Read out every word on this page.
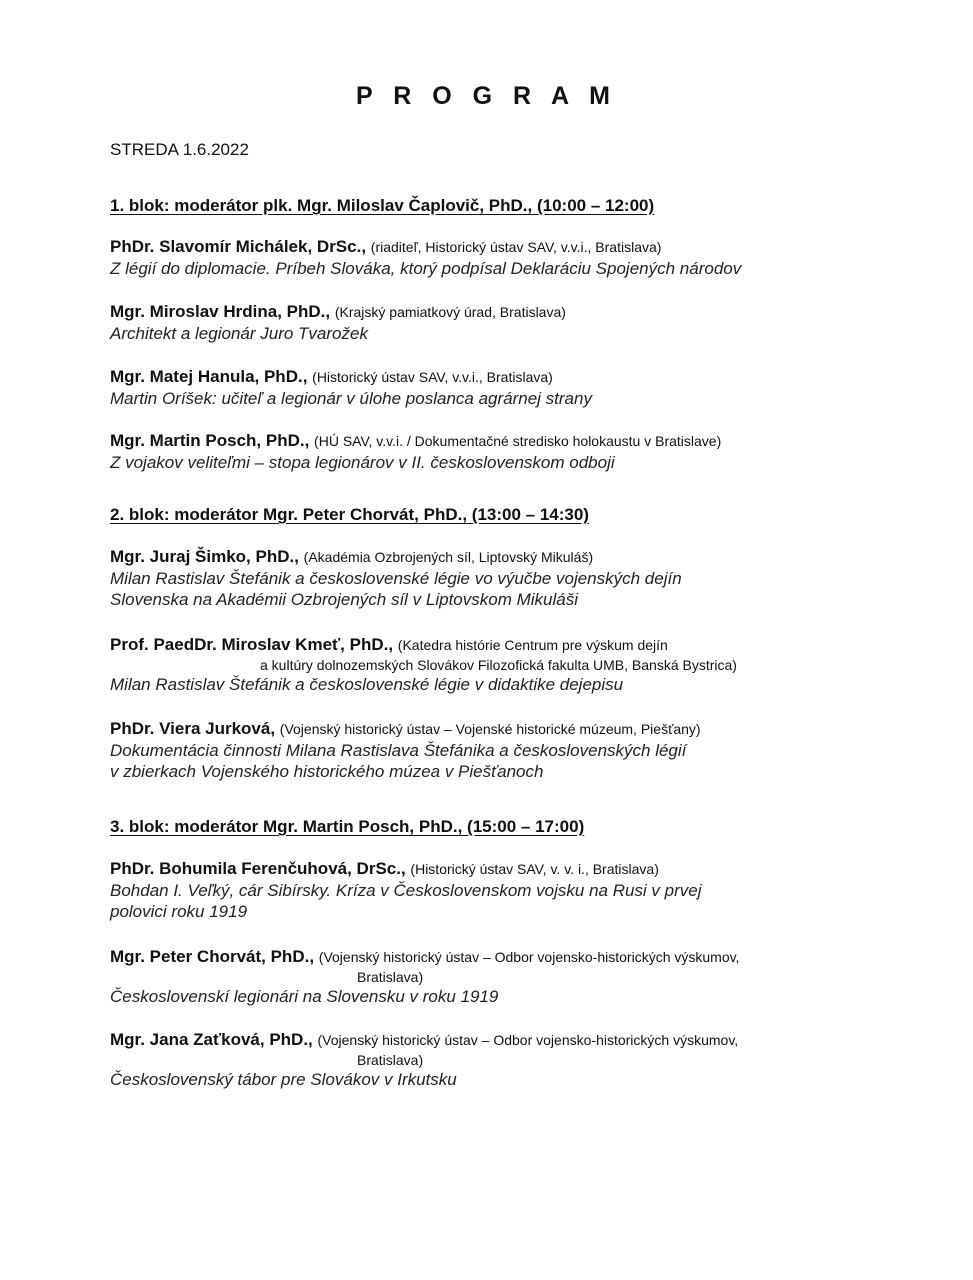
P R O G R A M
STREDA 1.6.2022
1. blok: moderátor plk. Mgr. Miloslav Čaplovič, PhD., (10:00 – 12:00)
PhDr. Slavomír Michálek, DrSc., (riaditeľ, Historický ústav SAV, v.v.i., Bratislava)
Z légií do diplomacie. Príbeh Slováka, ktorý podpísal Deklaráciu Spojených národov
Mgr. Miroslav Hrdina, PhD., (Krajský pamiatkový úrad, Bratislava)
Architekt a legionár Juro Tvarožek
Mgr. Matej Hanula, PhD., (Historický ústav SAV, v.v.i., Bratislava)
Martin Oríšek: učiteľ a legionár v úlohe poslanca agrárnej strany
Mgr. Martin Posch, PhD., (HÚ SAV, v.v.i. / Dokumentačné stredisko holokaustu v Bratislave)
Z vojakov veliteľmi – stopa legionárov v II. československom odboji
2. blok: moderátor Mgr. Peter Chorvát, PhD., (13:00 – 14:30)
Mgr. Juraj Šimko, PhD., (Akadémia Ozbrojených síl, Liptovský Mikuláš)
Milan Rastislav Štefánik a československé légie vo výučbe vojenských dejín
Slovenska na Akadémii Ozbrojených síl v Liptovskom Mikuláši
Prof. PaedDr. Miroslav Kmeť, PhD., (Katedra histórie Centrum pre výskum dejín
a kultúry dolnozemských Slovákov Filozofická fakulta UMB, Banská Bystrica)
Milan Rastislav Štefánik a československé légie v didaktike dejepisu
PhDr. Viera Jurková, (Vojenský historický ústav – Vojenské historické múzeum, Piešťany)
Dokumentácia činnosti Milana Rastislava Štefánika a československých légií
v zbierkach Vojenského historického múzea v Piešťanoch
3. blok: moderátor Mgr. Martin Posch, PhD., (15:00 – 17:00)
PhDr. Bohumila Ferenčuhová, DrSc., (Historický ústav SAV, v. v. i., Bratislava)
Bohdan I. Veľký, cár Sibírsky. Kríza v Československom vojsku na Rusi v prvej
polovici roku 1919
Mgr. Peter Chorvát, PhD., (Vojenský historický ústav – Odbor vojensko-historických výskumov,
Bratislava)
Československí legionári na Slovensku v roku 1919
Mgr. Jana Zaťková, PhD., (Vojenský historický ústav – Odbor vojensko-historických výskumov,
Bratislava)
Československý tábor pre Slovákov v Irkutsku
